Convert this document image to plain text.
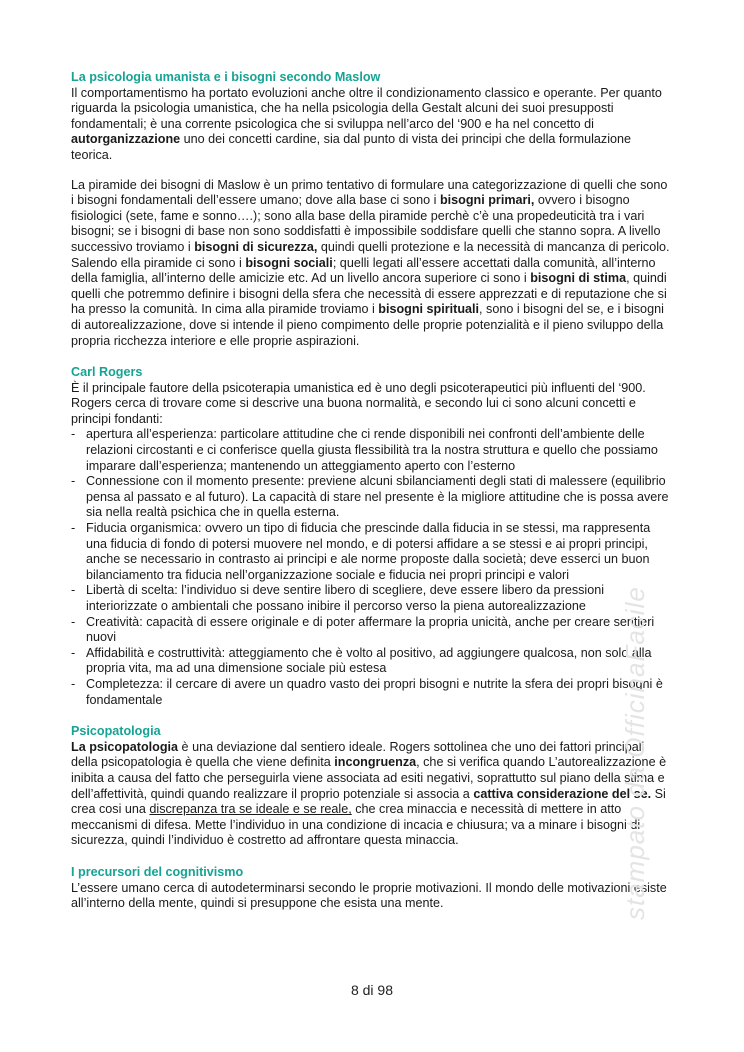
La psicologia umanista e i bisogni secondo Maslow

Il comportamentismo ha portato evoluzioni anche oltre il condizionamento classico e operante. Per quanto riguarda la psicologia umanistica, che ha nella psicologia della Gestalt alcuni dei suoi presupposti fondamentali; è una corrente psicologica che si sviluppa nell’arco del ‘900 e ha nel concetto di autorganizzazione uno dei concetti cardine, sia dal punto di vista dei principi che della formulazione teorica.

La piramide dei bisogni di Maslow è un primo tentativo di formulare una categorizzazione di quelli che sono i bisogni fondamentali dell’essere umano; dove alla base ci sono i bisogni primari, ovvero i bisogno fisiologici (sete, fame e sonno….); sono alla base della piramide perchè c’è una propedeuticità tra i vari bisogni; se i bisogni di base non sono soddisfatti è impossibile soddisfare quelli che stanno sopra. A livello successivo troviamo i bisogni di sicurezza, quindi quelli protezione e la necessità di mancanza di pericolo. Salendo ella piramide ci sono i bisogni sociali; quelli legati all’essere accettati dalla comunità, all’interno della famiglia, all’interno delle amicizie etc. Ad un livello ancora superiore ci sono i bisogni di stima, quindi quelli che potremmo definire i bisogni della sfera che necessità di essere apprezzati e di reputazione che si ha presso la comunità. In cima alla piramide troviamo i bisogni spirituali, sono i bisogni del se, e i bisogni di autorealizzazione, dove si intende il pieno compimento delle proprie potenzialità e il pieno sviluppo della propria ricchezza interiore e elle proprie aspirazioni.

Carl Rogers

È il principale fautore della psicoterapia umanistica ed è uno degli psicoterapeutici più influenti del ‘900. Rogers cerca di trovare come si descrive una buona normalità, e secondo lui ci sono alcuni concetti e principi fondanti:

- apertura all’esperienza: particolare attitudine che ci rende disponibili nei confronti dell’ambiente delle relazioni circostanti e ci conferisce quella giusta flessibilità tra la nostra struttura e quello che possiamo imparare dall’esperienza; mantenendo un atteggiamento aperto con l’esterno
- Connessione con il momento presente: previene alcuni sbilanciamenti degli stati di malessere (equilibrio pensa al passato e al futuro). La capacità di stare nel presente è la migliore attitudine che is possa avere sia nella realtà psichica che in quella esterna.
- Fiducia organismica: ovvero un tipo di fiducia che prescinde dalla fiducia in se stessi, ma rappresenta una fiducia di fondo di potersi muovere nel mondo, e di potersi affidare a se stessi e ai propri principi, anche se necessario in contrasto ai principi e ale norme proposte dalla società; deve esserci un buon bilanciamento tra fiducia nell’organizzazione sociale e fiducia nei propri principi e valori
- Libertà di scelta: l’individuo si deve sentire libero di scegliere, deve essere libero da pressioni interiorizzate o ambientali che possano inibire il percorso verso la piena autorealizzazione
- Creatività: capacità di essere originale e di poter affermare la propria unicità, anche per creare sentieri nuovi
- Affidabilità e costruttività: atteggiamento che è volto al positivo, ad aggiungere qualcosa, non solo alla propria vita, ma ad una dimensione sociale più estesa
- Completezza: il cercare di avere un quadro vasto dei propri bisogni e nutrite la sfera dei propri bisogni è fondamentale
Psicopatologia

La psicopatologia è una deviazione dal sentiero ideale. Rogers sottolinea che uno dei fattori principali della psicopatologia è quella che viene definita incongruenza, che si verifica quando L’autorealizzazione è inibita a causa del fatto che perseguirla viene associata ad esiti negativi, soprattutto sul piano della stima e dell’affettività, quindi quando realizzare il proprio potenziale si associa a cattiva considerazione del se. Si crea cosi una discrepanza tra se ideale e se reale, che crea minaccia e necessità di mettere in atto meccanismi di difesa. Mette l’individuo in una condizione di incacia e chiusura; va a minare i bisogni di sicurezza, quindi l’individuo è costretto ad affrontare questa minaccia.

I precursori del cognitivismo

L’essere umano cerca di autodeterminarsi secondo le proprie motivazioni. Il mondo delle motivazioni esiste all’interno della mente, quindi si presuppone che esista una mente.	stampato da OfficinaFacile
8 di 98
